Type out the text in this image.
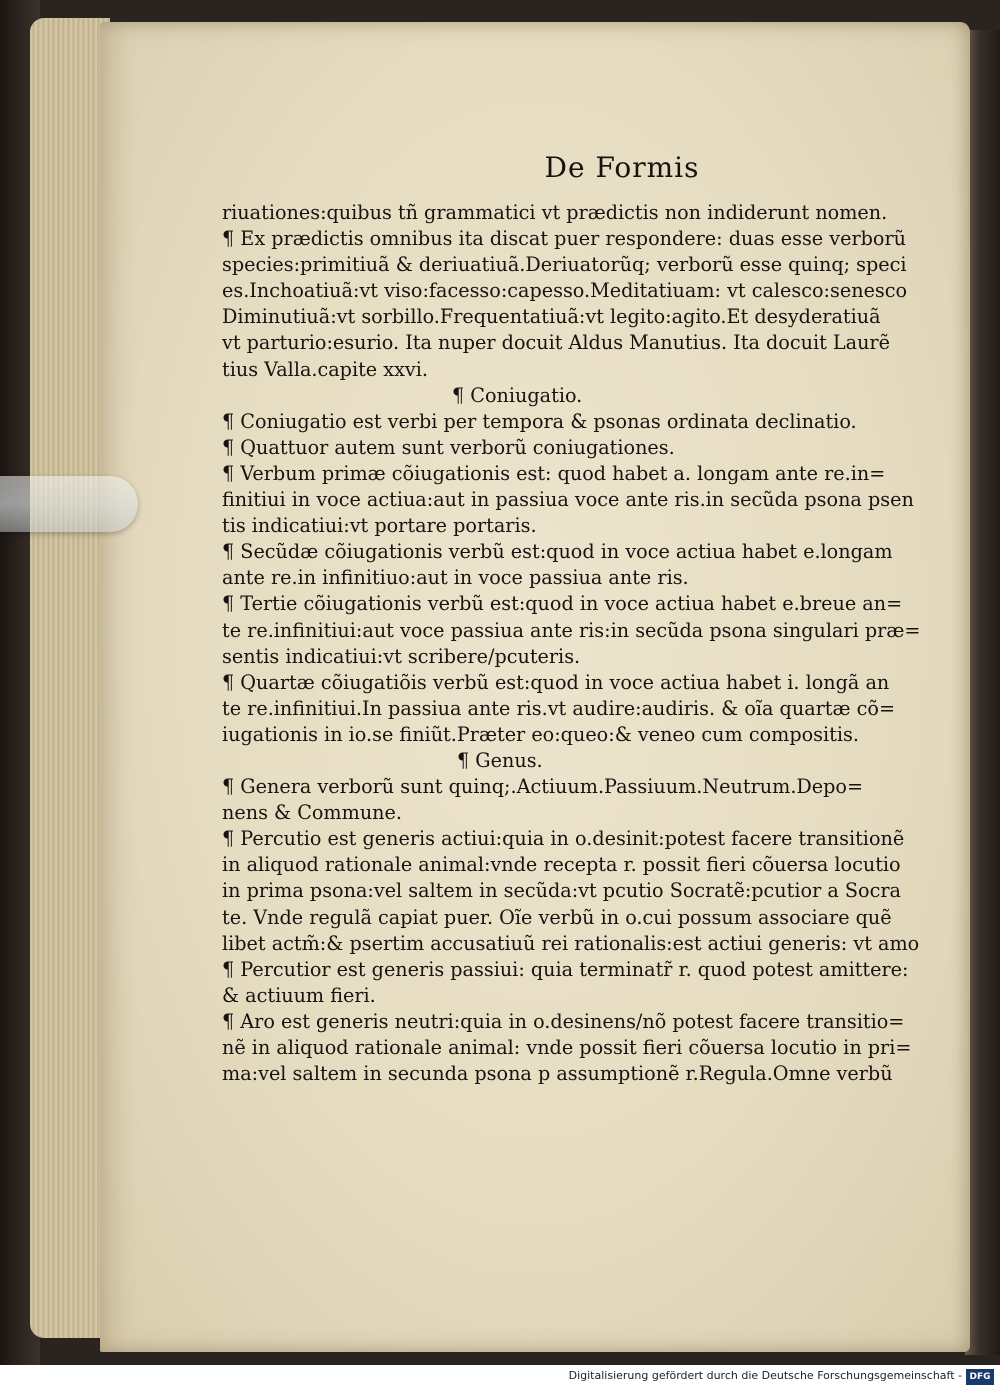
De Formis
riuationes:quibus tñ grammatici vt prædictis non indiderunt nomen.
¶ Ex prædictis omnibus ita discat puer respondere: duas esse verborũ
species:primitiuã & deriuatiuã.Deriuatorũq; verborũ esse quinq; speci
es.Inchoatiuã:vt viso:facesso:capesso.Meditatiuam: vt calesco:senesco
Diminutiuã:vt sorbillo.Frequentatiuã:vt legito:agito.Et desyderatiuã
vt parturio:esurio. Ita nuper docuit Aldus Manutius. Ita docuit Laurẽ
tius Valla.capite xxvi.
¶ Coniugatio.
¶ Coniugatio est verbi per tempora & psonas ordinata declinatio.
¶ Quattuor autem sunt verborũ coniugationes.
¶ Verbum primæ cõiugationis est: quod habet a. longam ante re.in=
finitiui in voce actiua:aut in passiua voce ante ris.in secũda psona psen
tis indicatiui:vt portare portaris.
¶ Secũdæ cõiugationis verbũ est:quod in voce actiua habet e.longam
ante re.in infinitiuo:aut in voce passiua ante ris.
¶ Tertie cõiugationis verbũ est:quod in voce actiua habet e.breue an=
te re.infinitiui:aut voce passiua ante ris:in secũda psona singulari præ=
sentis indicatiui:vt scribere/pcuteris.
¶ Quartæ cõiugatiõis verbũ est:quod in voce actiua habet i. longã an
te re.infinitiui.In passiua ante ris.vt audire:audiris. & oĩa quartæ cõ=
iugationis in io.se finiũt.Præter eo:queo:& veneo cum compositis.
¶ Genus.
¶ Genera verborũ sunt quinq;.Actiuum.Passiuum.Neutrum.Depo=
nens & Commune.
¶ Percutio est generis actiui:quia in o.desinit:potest facere transitionẽ
in aliquod rationale animal:vnde recepta r. possit fieri cõuersa locutio
in prima psona:vel saltem in secũda:vt pcutio Socratẽ:pcutior a Socra
te. Vnde regulã capiat puer. Oĩe verbũ in o.cui possum associare quẽ
libet actm̃:& psertim accusatiuũ rei rationalis:est actiui generis: vt amo
¶ Percutior est generis passiui: quia terminatr̃ r. quod potest amittere:
& actiuum fieri.
¶ Aro est generis neutri:quia in o.desinens/nõ potest facere transitio=
nẽ in aliquod rationale animal: vnde possit fieri cõuersa locutio in pri=
ma:vel saltem in secunda psona p assumptionẽ r.Regula.Omne verbũ
Digitalisierung gefördert durch die Deutsche Forschungsgemeinschaft - DFG
